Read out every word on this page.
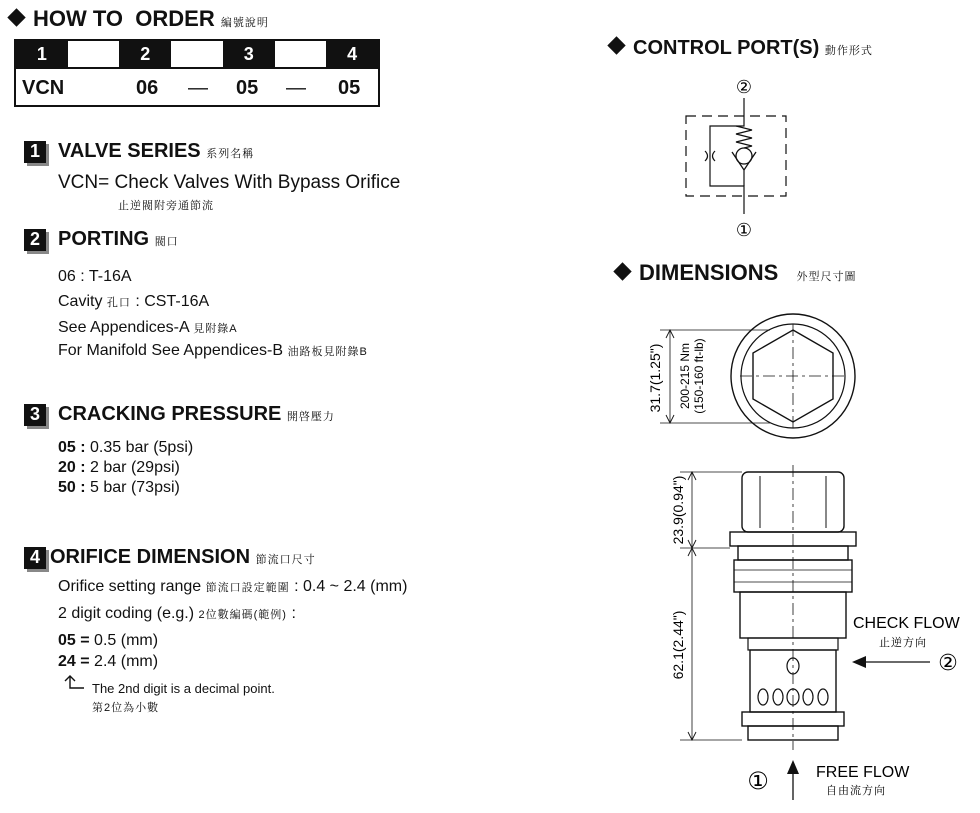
HOW TO  ORDER 編號說明
1	2	3	4
VCN	06 — 05 — 05
1 VALVE SERIES 系列名稱
VCN= Check Valves With Bypass Orifice
止逆閥附旁通節流
2 PORTING 閥口
06 : T-16A
Cavity 孔口 : CST-16A
See Appendices-A 見附錄A
For Manifold See Appendices-B 油路板見附錄B
3 CRACKING PRESSURE 開啓壓力
05 : 0.35 bar (5psi)
20 : 2 bar (29psi)
50 : 5 bar (73psi)
4 ORIFICE DIMENSION 節流口尺寸
Orifice setting range 節流口設定範圍 : 0.4 ~ 2.4 (mm)
2 digit coding (e.g.) 2位數編碼(範例) :
05 = 0.5 (mm)
24 = 2.4 (mm)
The 2nd digit is a decimal point.
第2位為小數
CONTROL PORT(S) 動作形式
②
①
DIMENSIONS 外型尺寸圖
31.7(1.25") 200-215 Nm (150-160 ft-lb)
23.9(0.94")
62.1(2.44")	CHECK FLOW
止逆方向
②
①	FREE FLOW
自由流方向
